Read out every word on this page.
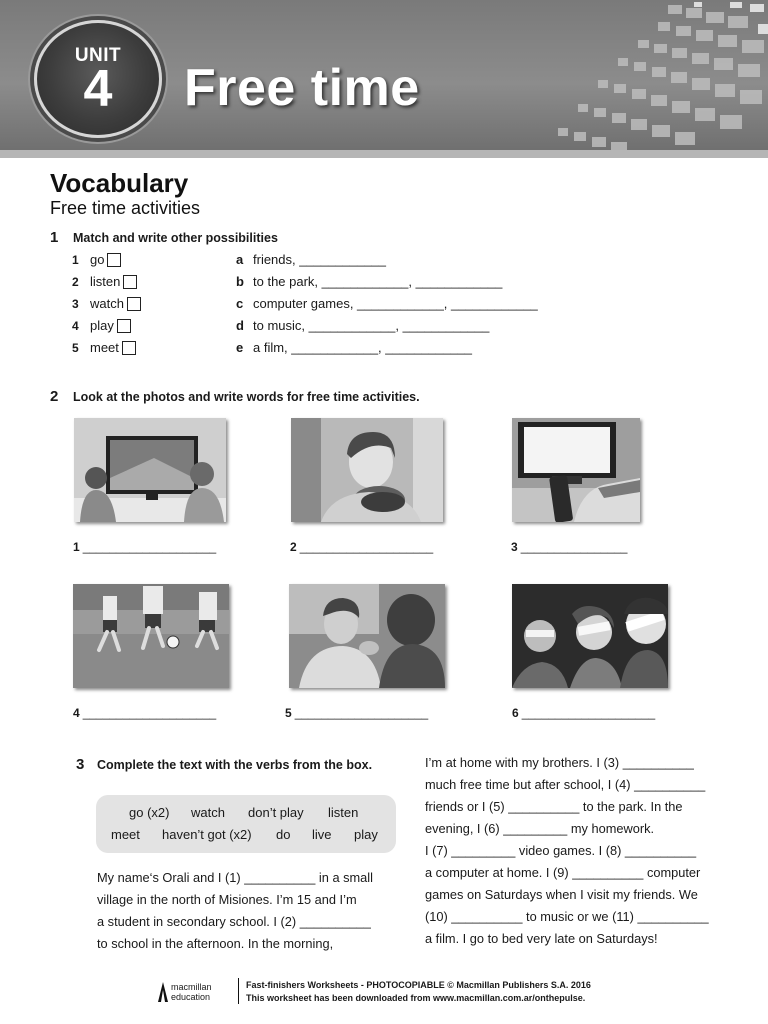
UNIT
4	Free time
Vocabulary
Free time activities
1 Match and write other possibilities
1 go
2 listen
3 watch
4 play
5 meet
a friends, ____________
b to the park, ____________, ____________
c computer games, ____________, ____________
d to music, ____________, ____________
e a film, ____________, ____________
2 Look at the photos and write words for free time activities.
1 ____________________	2 ____________________	3 ________________
4 ____________________	5 ____________________	6 ____________________
3 Complete the text with the verbs from the box.
go (x2) watch don’t play listen
meet haven’t got (x2) do live play
My name‘s Orali and I (1) __________ in a small
village in the north of Misiones. I’m 15 and I’m
a student in secondary school. I (2) __________
to school in the afternoon. In the morning,
I’m at home with my brothers. I (3) __________
much free time but after school, I (4) __________
friends or I (5) __________ to the park. In the
evening, I (6) _________ my homework.
I (7) _________ video games. I (8) __________
a computer at home. I (9) __________ computer
games on Saturdays when I visit my friends. We
(10) __________ to music or we (11) __________
a film. I go to bed very late on Saturdays!
macmillan
education
Fast-finishers Worksheets - PHOTOCOPIABLE © Macmillan Publishers S.A. 2016
This worksheet has been downloaded from www.macmillan.com.ar/onthepulse.
